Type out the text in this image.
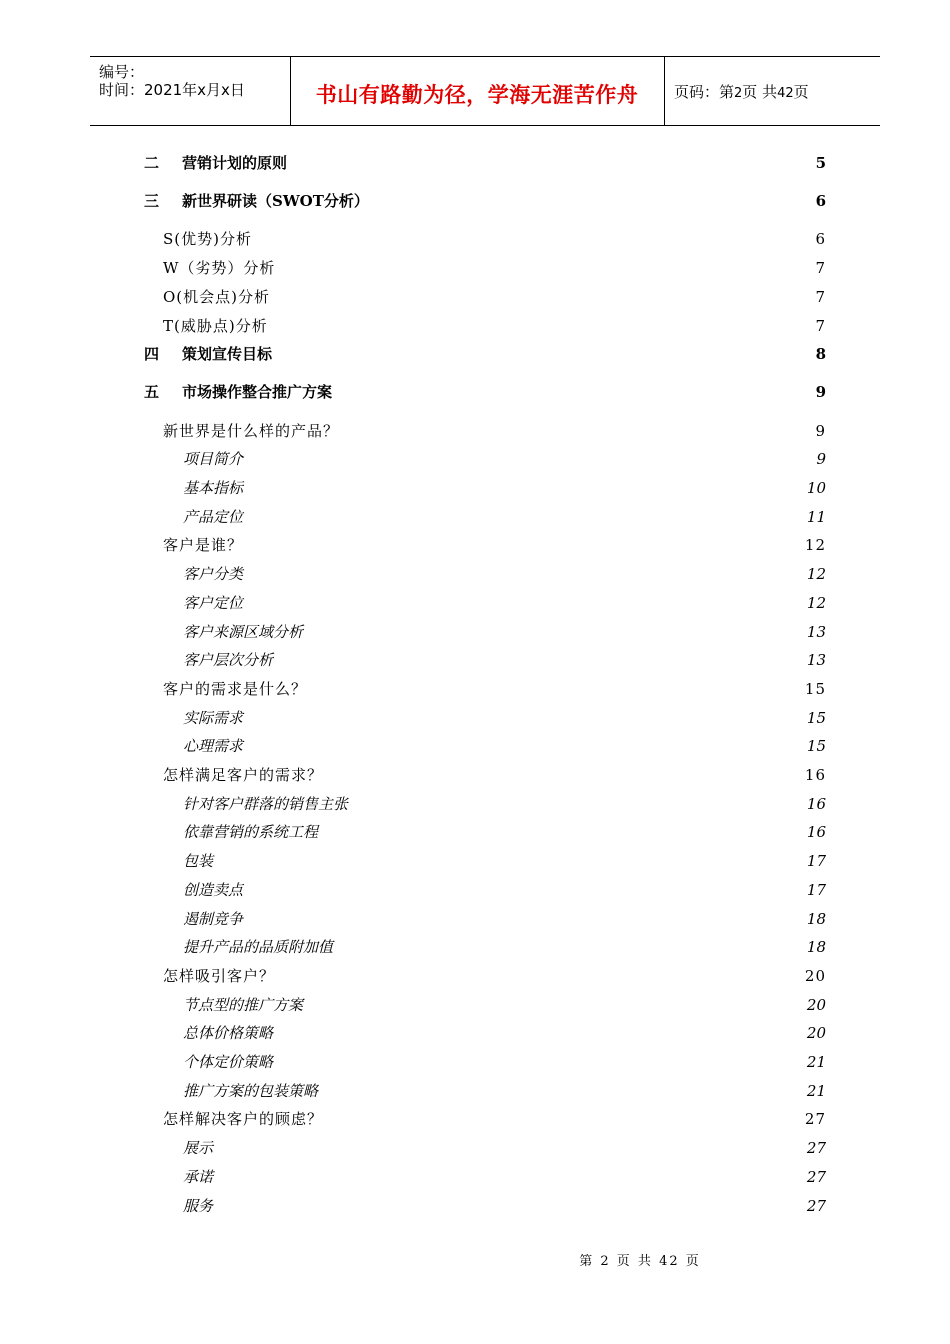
编号：
时间：2021年x月x日	书山有路勤为径，学海无涯苦作舟	页码：第2页 共42页
二 营销计划的原则	5
三 新世界研读（SWOT分析）	6
S(优势)分析	6
W（劣势）分析	7
O(机会点)分析	7
T(威胁点)分析	7
四 策划宣传目标	8
五 市场操作整合推广方案	9
新世界是什么样的产品？	9
项目简介	9
基本指标	10
产品定位	11
客户是谁？	12
客户分类	12
客户定位	12
客户来源区域分析	13
客户层次分析	13
客户的需求是什么？	15
实际需求	15
心理需求	15
怎样满足客户的需求？	16
针对客户群落的销售主张	16
依靠营销的系统工程	16
包装	17
创造卖点	17
遏制竞争	18
提升产品的品质附加值	18
怎样吸引客户？	20
节点型的推广方案	20
总体价格策略	20
个体定价策略	21
推广方案的包装策略	21
怎样解决客户的顾虑？	27
展示	27
承诺	27
服务	27
第 2 页 共 42 页
